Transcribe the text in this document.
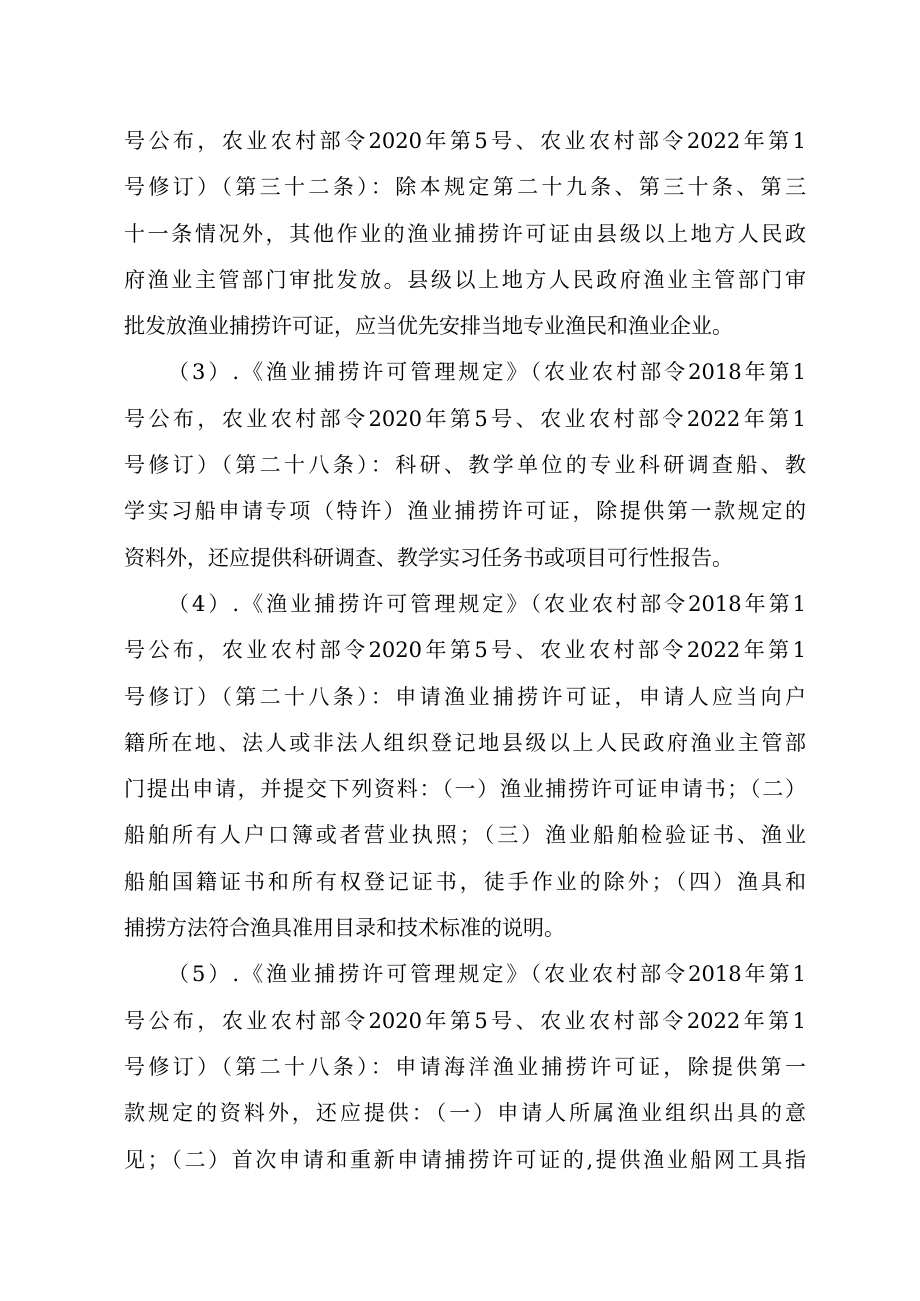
号公布，农业农村部令2020年第5号、农业农村部令2022年第1
号修订）（第三十二条）：除本规定第二十九条、第三十条、第三
十一条情况外，其他作业的渔业捕捞许可证由县级以上地方人民政
府渔业主管部门审批发放。县级以上地方人民政府渔业主管部门审
批发放渔业捕捞许可证，应当优先安排当地专业渔民和渔业企业。
（3）.《渔业捕捞许可管理规定》（农业农村部令2018年第1
号公布，农业农村部令2020年第5号、农业农村部令2022年第1
号修订）（第二十八条）：科研、教学单位的专业科研调查船、教
学实习船申请专项（特许）渔业捕捞许可证，除提供第一款规定的
资料外，还应提供科研调查、教学实习任务书或项目可行性报告。
（4）.《渔业捕捞许可管理规定》（农业农村部令2018年第1
号公布，农业农村部令2020年第5号、农业农村部令2022年第1
号修订）（第二十八条）：申请渔业捕捞许可证，申请人应当向户
籍所在地、法人或非法人组织登记地县级以上人民政府渔业主管部
门提出申请，并提交下列资料：（一）渔业捕捞许可证申请书；（二）
船舶所有人户口簿或者营业执照；（三）渔业船舶检验证书、渔业
船舶国籍证书和所有权登记证书，徒手作业的除外；（四）渔具和
捕捞方法符合渔具准用目录和技术标准的说明。
（5）.《渔业捕捞许可管理规定》（农业农村部令2018年第1
号公布，农业农村部令2020年第5号、农业农村部令2022年第1
号修订）（第二十八条）：申请海洋渔业捕捞许可证，除提供第一
款规定的资料外，还应提供：（一）申请人所属渔业组织出具的意
见；（二）首次申请和重新申请捕捞许可证的,提供渔业船网工具指
